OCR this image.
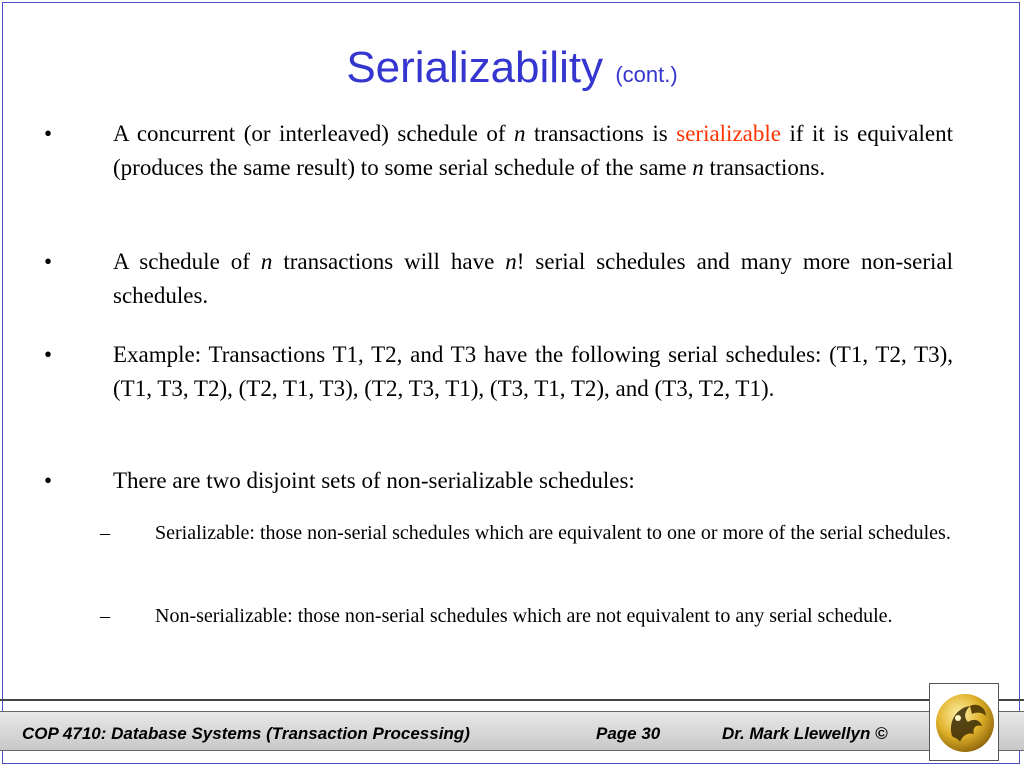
Serializability (cont.)
•	A concurrent (or interleaved) schedule of n transactions is serializable if it is equivalent (produces the same result) to some serial schedule of the same n transactions.
•	A schedule of n transactions will have n! serial schedules and many more non-serial schedules.
•	Example: Transactions T1, T2, and T3 have the following serial schedules: (T1, T2, T3), (T1, T3, T2), (T2, T1, T3), (T2, T3, T1), (T3, T1, T2), and (T3, T2, T1).
•	There are two disjoint sets of non-serializable schedules:
– Serializable: those non-serial schedules which are equivalent to one or more of the serial schedules.
– Non-serializable: those non-serial schedules which are not equivalent to any serial schedule.
COP 4710: Database Systems (Transaction Processing)	Page 30	Dr. Mark Llewellyn ©
